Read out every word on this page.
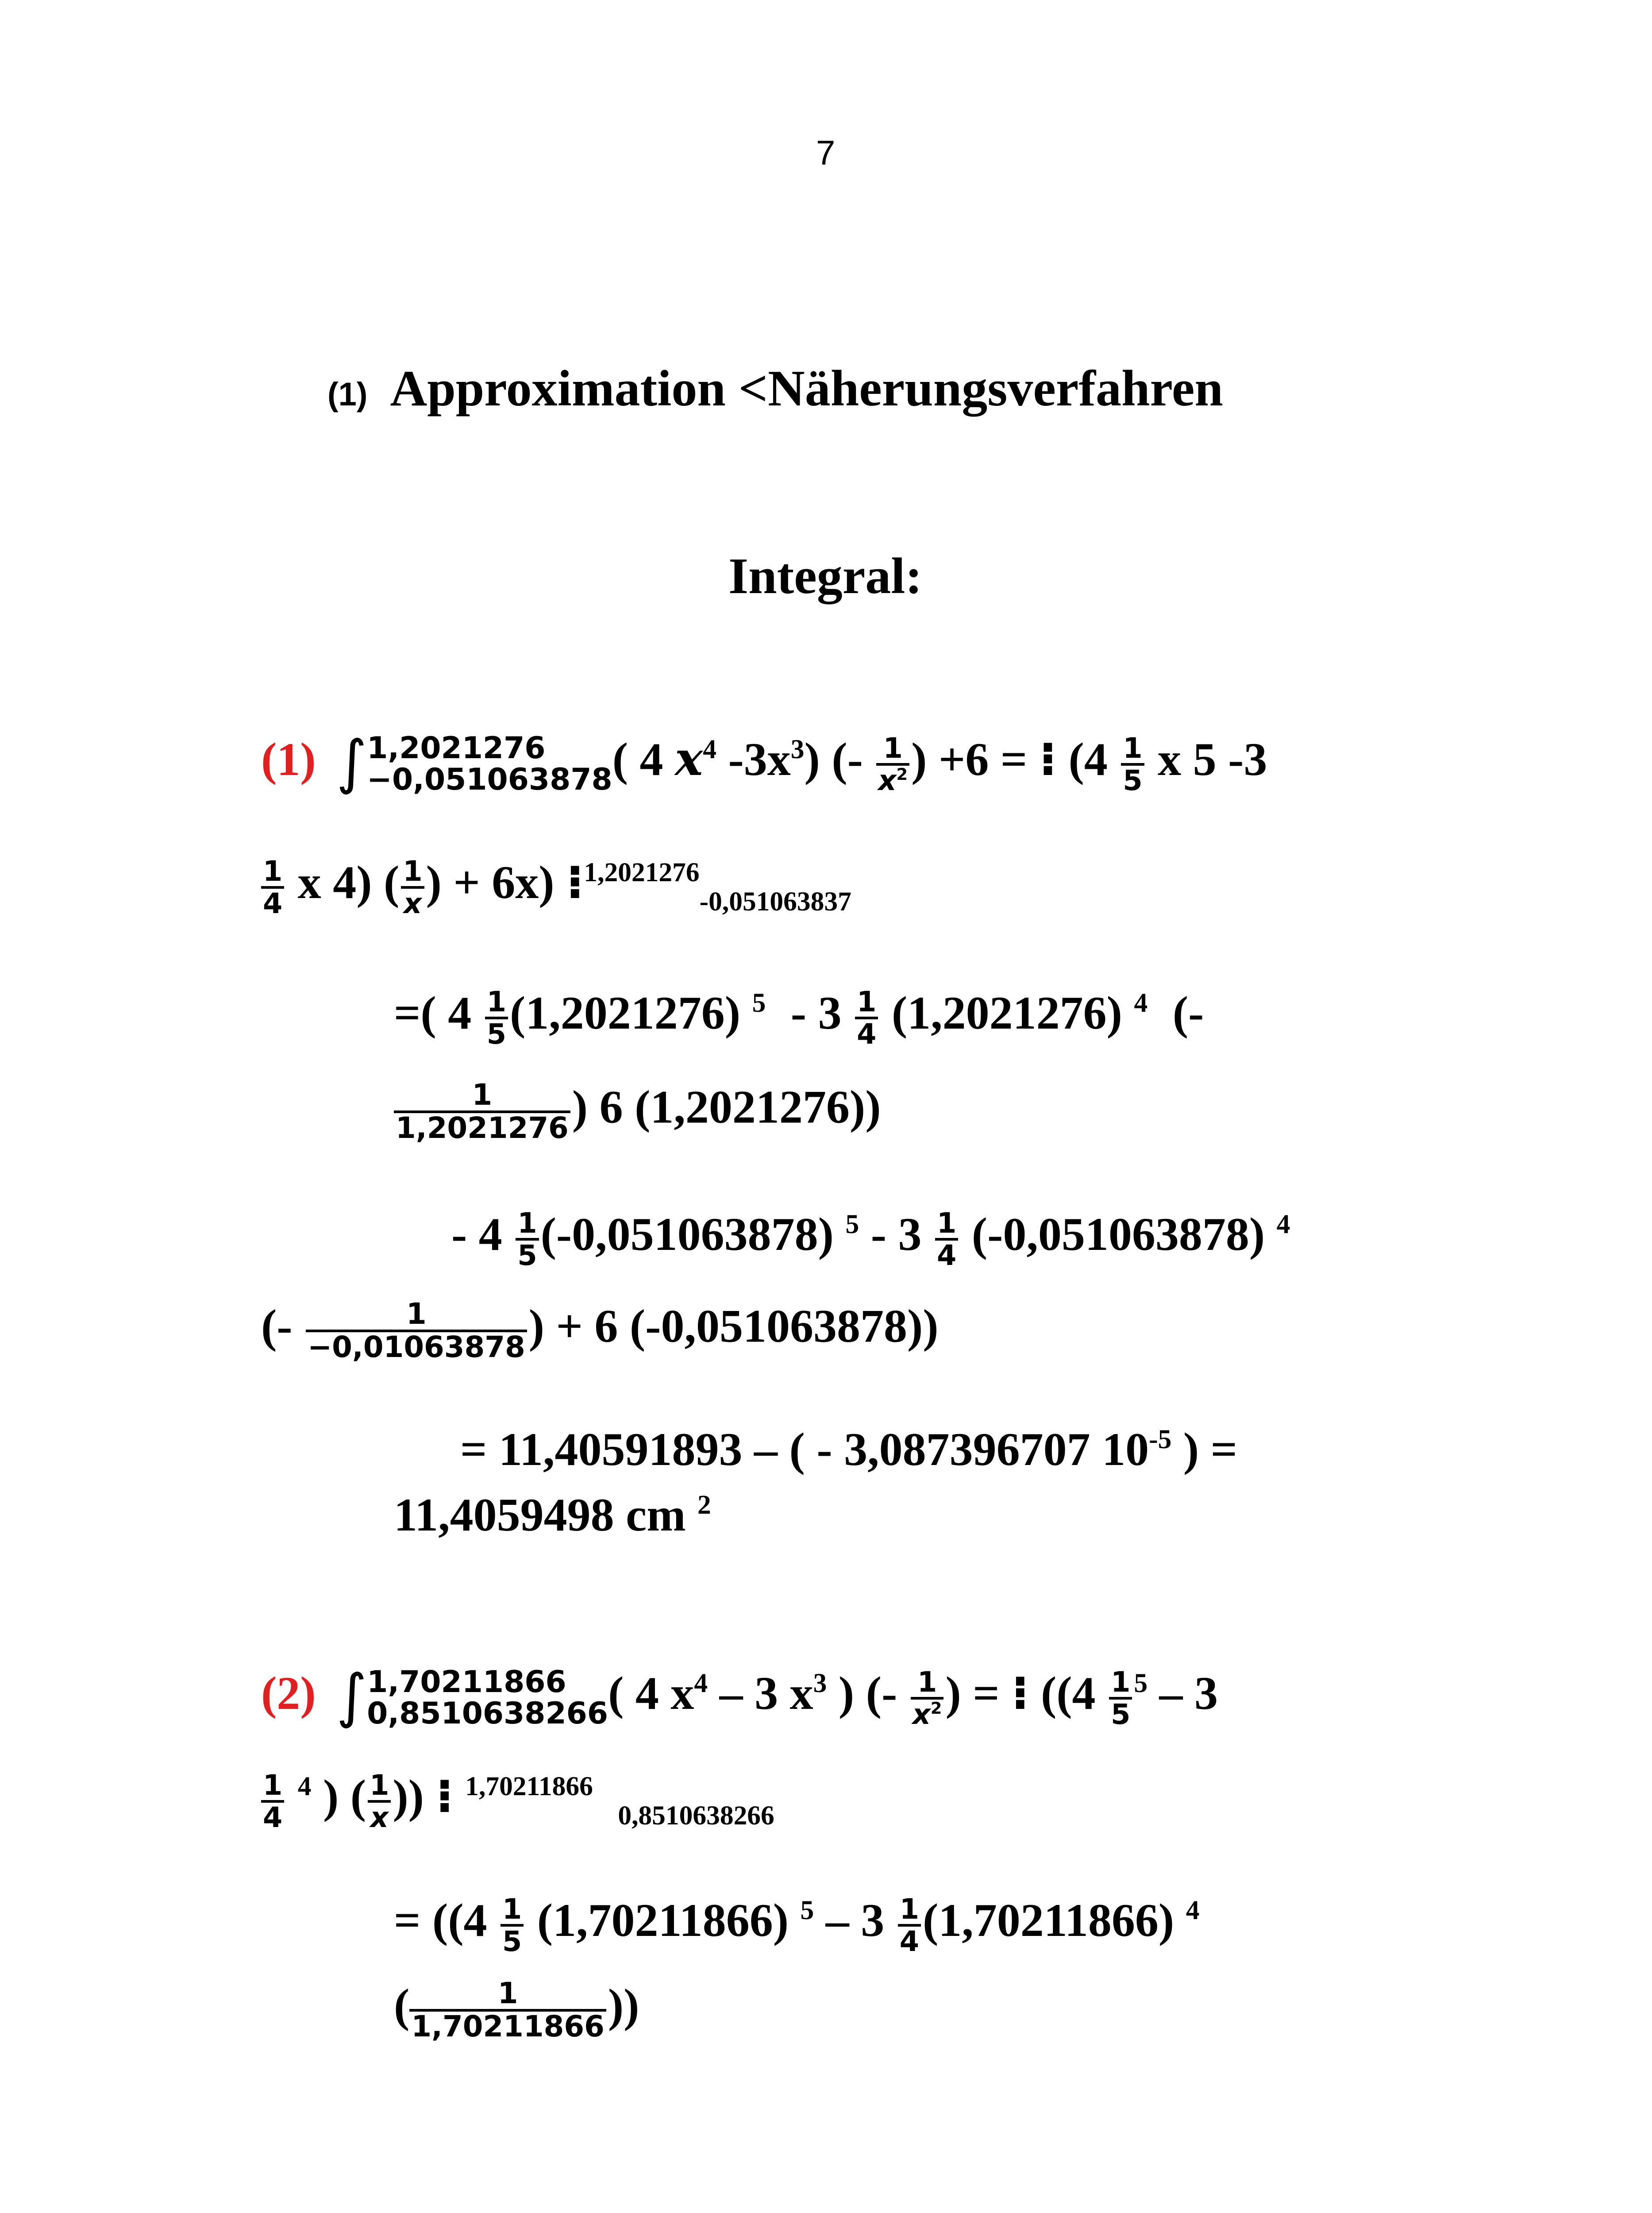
7
(1) Approximation <Näherungsverfahren
Integral:
(1) ∫ 1,2021276
−0,051063878 ( 4 $x^4$ $-3x^3$) (- $\frac{1}{x^2}$ ) +6 = ⁝ ($4 \frac{1}{5}$ x 5 -3
$\frac{1}{4}$ x 4) ( $\frac{1}{x}$ ) + 6x) ⁝$^{1,2021276}_{-0,051063837}$
=( $4 \frac{1}{5} (1,2021276)$ $^5 - 3 \frac{1}{4} (1,2021276)$ $^4$ (-
$\frac{1}{1,2021276}$ ) 6 (1,2021276))
- $4 \frac{1}{5} (-0,051063878)$ $^5 - 3 \frac{1}{4} (-0,051063878)$ $^4$
(- $\frac{1}{-0,01063878}$ ) + 6 (-0,051063878))
= 11,40591893 – ( - 3,087396707 $10^{-5}$ ) =
11,4059498 cm $^2$
(2) ∫ 1,70211866
0,8510638266 ( 4 $x^4 - 3$ $x^3$ ) (- $\frac{1}{x^2}$ ) = ⁝ (($4 \frac{1}{5} ^5 - 3$
$\frac{1}{4} ^4$ ) ( $\frac{1}{x}$ )) ⁝ $^{1,70211866}$ $_{0,8510638266}$
= (($4 \frac{1}{5} (1,70211866)$ $^5 - 3 \frac{1}{4} (1,70211866)$ $^4$
( $\frac{1}{1,70211866}$ ))
